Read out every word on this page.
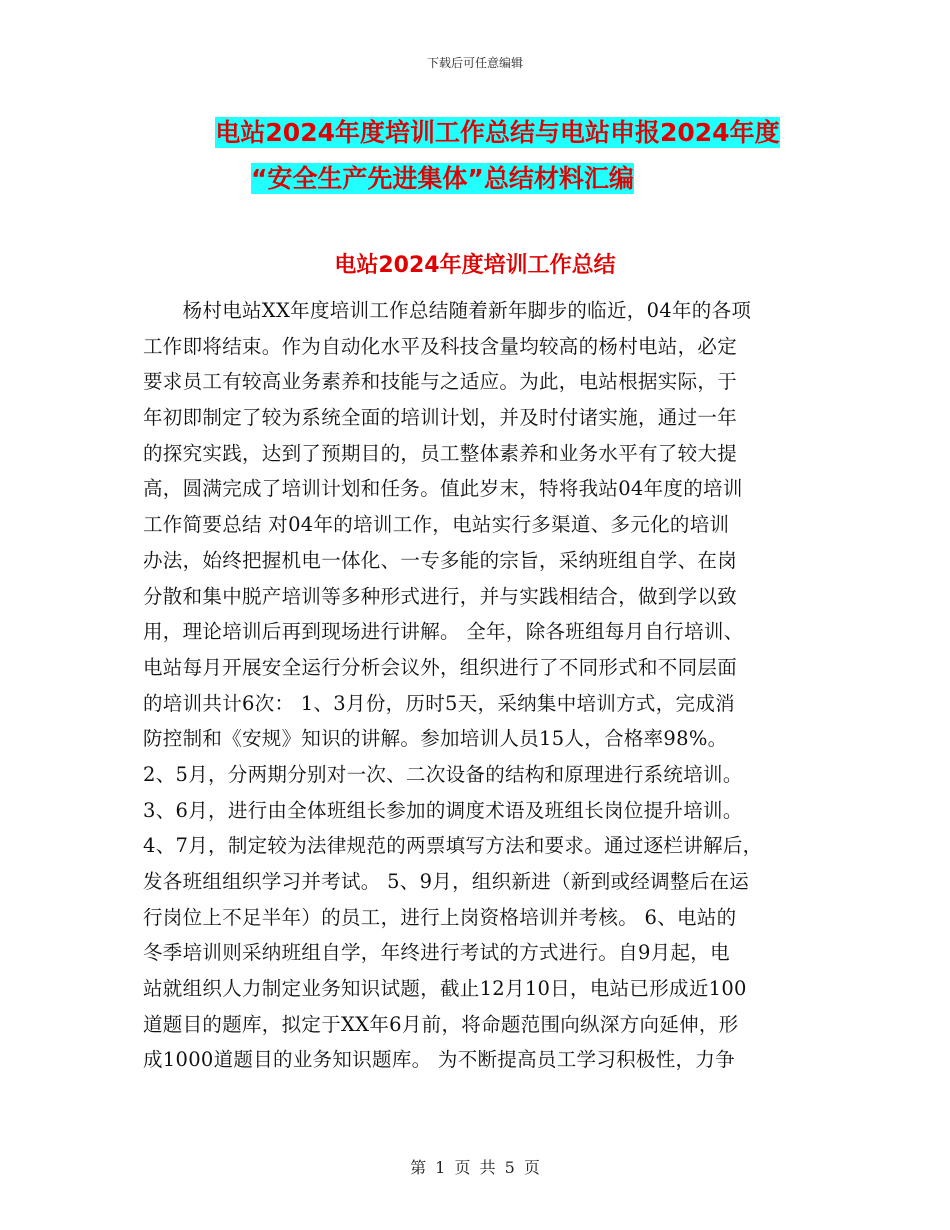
下载后可任意编辑
电站2024年度培训工作总结与电站申报2024年度
“安全生产先进集体”总结材料汇编
电站2024年度培训工作总结
　　杨村电站XX年度培训工作总结随着新年脚步的临近，04年的各项
工作即将结束。作为自动化水平及科技含量均较高的杨村电站，必定
要求员工有较高业务素养和技能与之适应。为此，电站根据实际，于
年初即制定了较为系统全面的培训计划，并及时付诸实施，通过一年
的探究实践，达到了预期目的，员工整体素养和业务水平有了较大提
高，圆满完成了培训计划和任务。值此岁末，特将我站04年度的培训
工作简要总结 对04年的培训工作，电站实行多渠道、多元化的培训
办法，始终把握机电一体化、一专多能的宗旨，采纳班组自学、在岗
分散和集中脱产培训等多种形式进行，并与实践相结合，做到学以致
用，理论培训后再到现场进行讲解。 全年，除各班组每月自行培训、
电站每月开展安全运行分析会议外，组织进行了不同形式和不同层面
的培训共计6次： 1、3月份，历时5天，采纳集中培训方式，完成消
防控制和《安规》知识的讲解。参加培训人员15人，合格率98%。
2、5月，分两期分别对一次、二次设备的结构和原理进行系统培训。
3、6月，进行由全体班组长参加的调度术语及班组长岗位提升培训。
4、7月，制定较为法律规范的两票填写方法和要求。通过逐栏讲解后，
发各班组组织学习并考试。 5、9月，组织新进（新到或经调整后在运
行岗位上不足半年）的员工，进行上岗资格培训并考核。 6、电站的
冬季培训则采纳班组自学，年终进行考试的方式进行。自9月起，电
站就组织人力制定业务知识试题，截止12月10日，电站已形成近100
道题目的题库，拟定于XX年6月前，将命题范围向纵深方向延伸，形
成1000道题目的业务知识题库。 为不断提高员工学习积极性，力争
第 1 页 共 5 页
